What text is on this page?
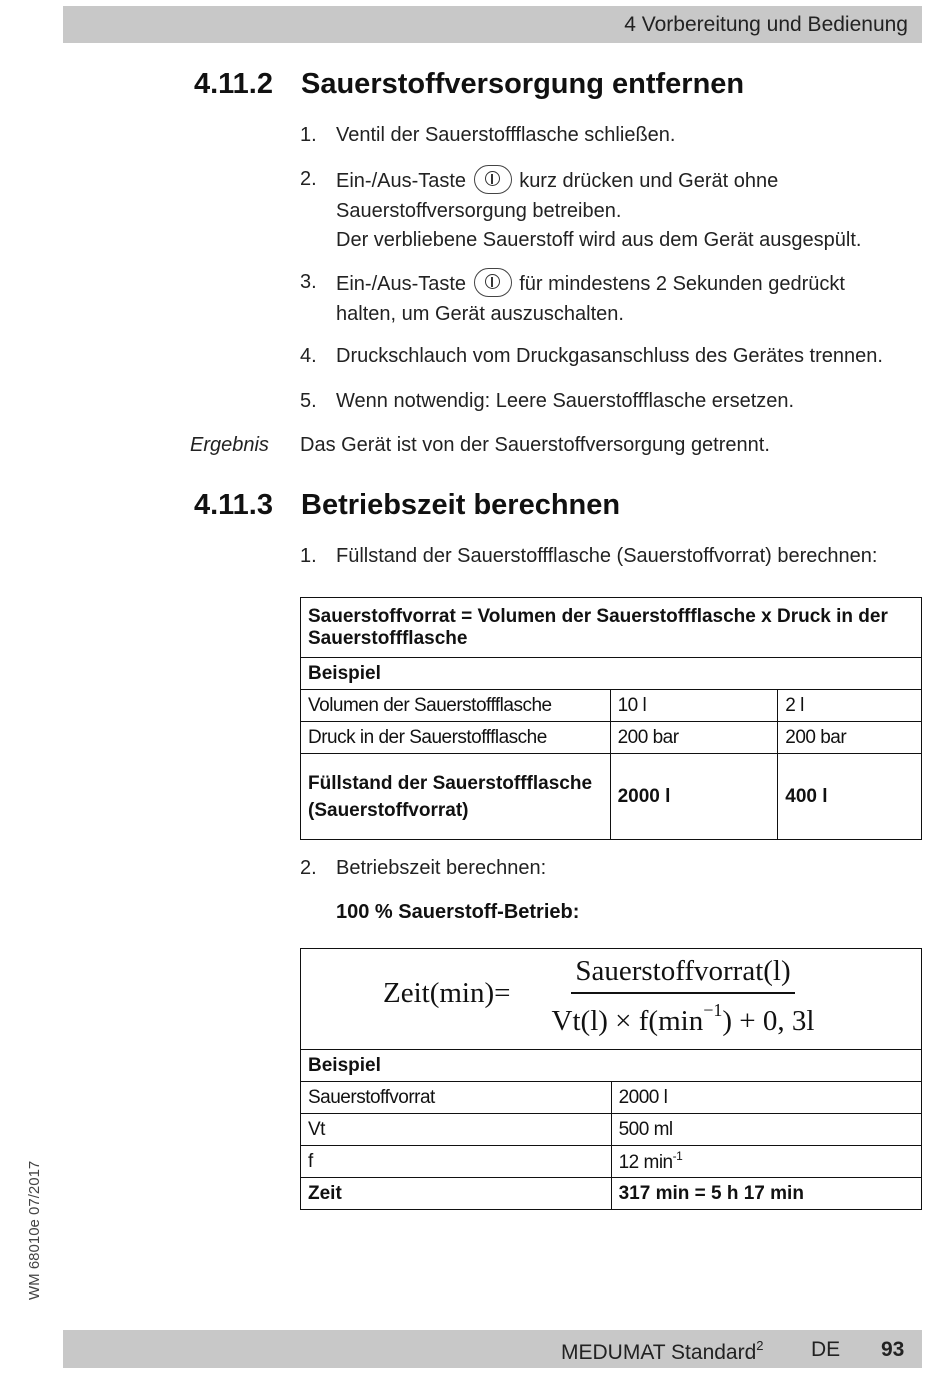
4 Vorbereitung und Bedienung
4.11.2 Sauerstoffversorgung entfernen
1. Ventil der Sauerstoffflasche schließen.
2. Ein-/Aus-Taste	kurz drücken und Gerät ohne
Sauerstoffversorgung betreiben.
Der verbliebene Sauerstoff wird aus dem Gerät ausgespült.
3. Ein-/Aus-Taste	für mindestens 2 Sekunden gedrückt
halten, um Gerät auszuschalten.
4. Druckschlauch vom Druckgasanschluss des Gerätes trennen.
5. Wenn notwendig: Leere Sauerstoffflasche ersetzen.
Ergebnis Das Gerät ist von der Sauerstoffversorgung getrennt.
4.11.3 Betriebszeit berechnen
1. Füllstand der Sauerstoffflasche (Sauerstoffvorrat) berechnen:
Sauerstoffvorrat = Volumen der Sauerstoffflasche x Druck in der Sauerstoffflasche		
Beispiel		
Volumen der Sauerstoffflasche	10 l	2 l
Druck in der Sauerstoffflasche	200 bar	200 bar
Füllstand der Sauerstoffflasche (Sauerstoffvorrat)	2000 l	400 l
2. Betriebszeit berechnen:
100 % Sauerstoff-Betrieb:
Zeit(min)=
Sauerstoffvorrat(l)
$Vt(l) \times f(\min^{-1}) + 0$, 3l
Beispiel	
Sauerstoffvorrat	2000 l
Vt	500 ml
f	12 $\min^{-1}$
Zeit	317 min = 5 h 17 min
WM 68010e 07/2017
MEDUMAT Standard$^2$ DE 93
